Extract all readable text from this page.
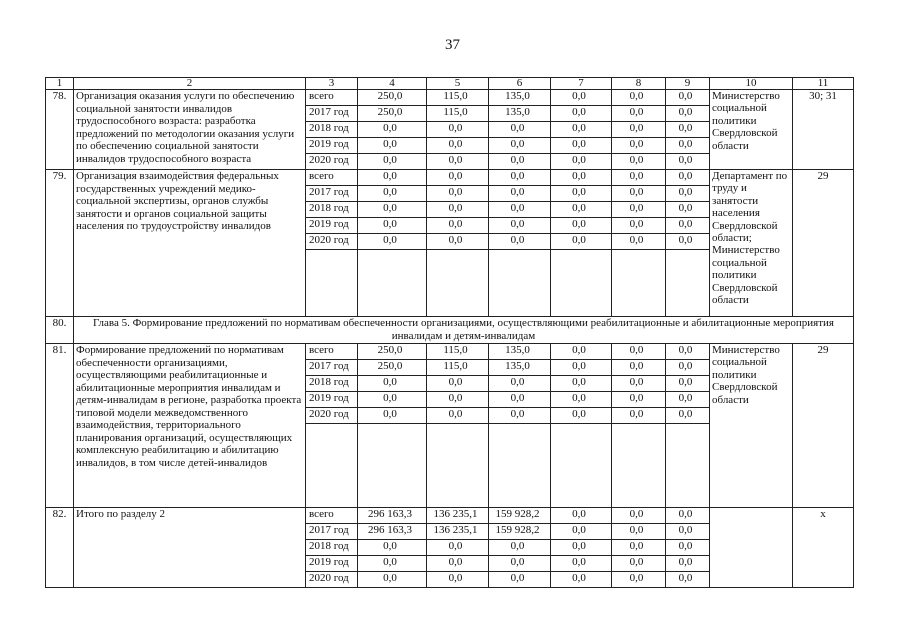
37
1	2	3	4	5	6	7	8	9	10	11
78.	Организация оказания услуги по обеспечению социальной занятости инвалидов трудоспособного возраста: разработка предложений по методологии оказания услуги по обеспечению социальной занятости инвалидов трудоспособного возраста	всего	250,0	115,0	135,0	0,0	0,0	0,0	Министерство социальной политики Свердловской области	30; 31
		2017 год	250,0	115,0	135,0	0,0	0,0	0,0		
		2018 год	0,0	0,0	0,0	0,0	0,0	0,0		
		2019 год	0,0	0,0	0,0	0,0	0,0	0,0		
		2020 год	0,0	0,0	0,0	0,0	0,0	0,0		
79.	Организация взаимодействия федеральных государственных учреждений медико-социальной экспертизы, органов службы занятости и органов социальной защиты населения по трудоустройству инвалидов	всего	0,0	0,0	0,0	0,0	0,0	0,0	Департамент по труду и занятости населения Свердловской области; Министерство социальной политики Свердловской области	29
		2017 год	0,0	0,0	0,0	0,0	0,0	0,0		
		2018 год	0,0	0,0	0,0	0,0	0,0	0,0		
		2019 год	0,0	0,0	0,0	0,0	0,0	0,0		
		2020 год	0,0	0,0	0,0	0,0	0,0	0,0		

80.	Глава 5. Формирование предложений по нормативам обеспеченности организациями, осуществляющими реабилитационные и абилитационные мероприятия инвалидам и детям-инвалидам									
81.	Формирование предложений по нормативам обеспеченности организациями, осуществляющими реабилитационные и абилитационные мероприятия инвалидам и детям-инвалидам в регионе, разработка проекта типовой модели межведомственного взаимодействия, территориального планирования организаций, осуществляющих комплексную реабилитацию и абилитацию инвалидов, в том числе детей-инвалидов	всего	250,0	115,0	135,0	0,0	0,0	0,0	Министерство социальной политики Свердловской области	29
		2017 год	250,0	115,0	135,0	0,0	0,0	0,0		
		2018 год	0,0	0,0	0,0	0,0	0,0	0,0		
		2019 год	0,0	0,0	0,0	0,0	0,0	0,0		
		2020 год	0,0	0,0	0,0	0,0	0,0	0,0		

82.	Итого по разделу 2	всего	296 163,3	136 235,1	159 928,2	0,0	0,0	0,0		х
		2017 год	296 163,3	136 235,1	159 928,2	0,0	0,0	0,0		
		2018 год	0,0	0,0	0,0	0,0	0,0	0,0		
		2019 год	0,0	0,0	0,0	0,0	0,0	0,0		
		2020 год	0,0	0,0	0,0	0,0	0,0	0,0		
